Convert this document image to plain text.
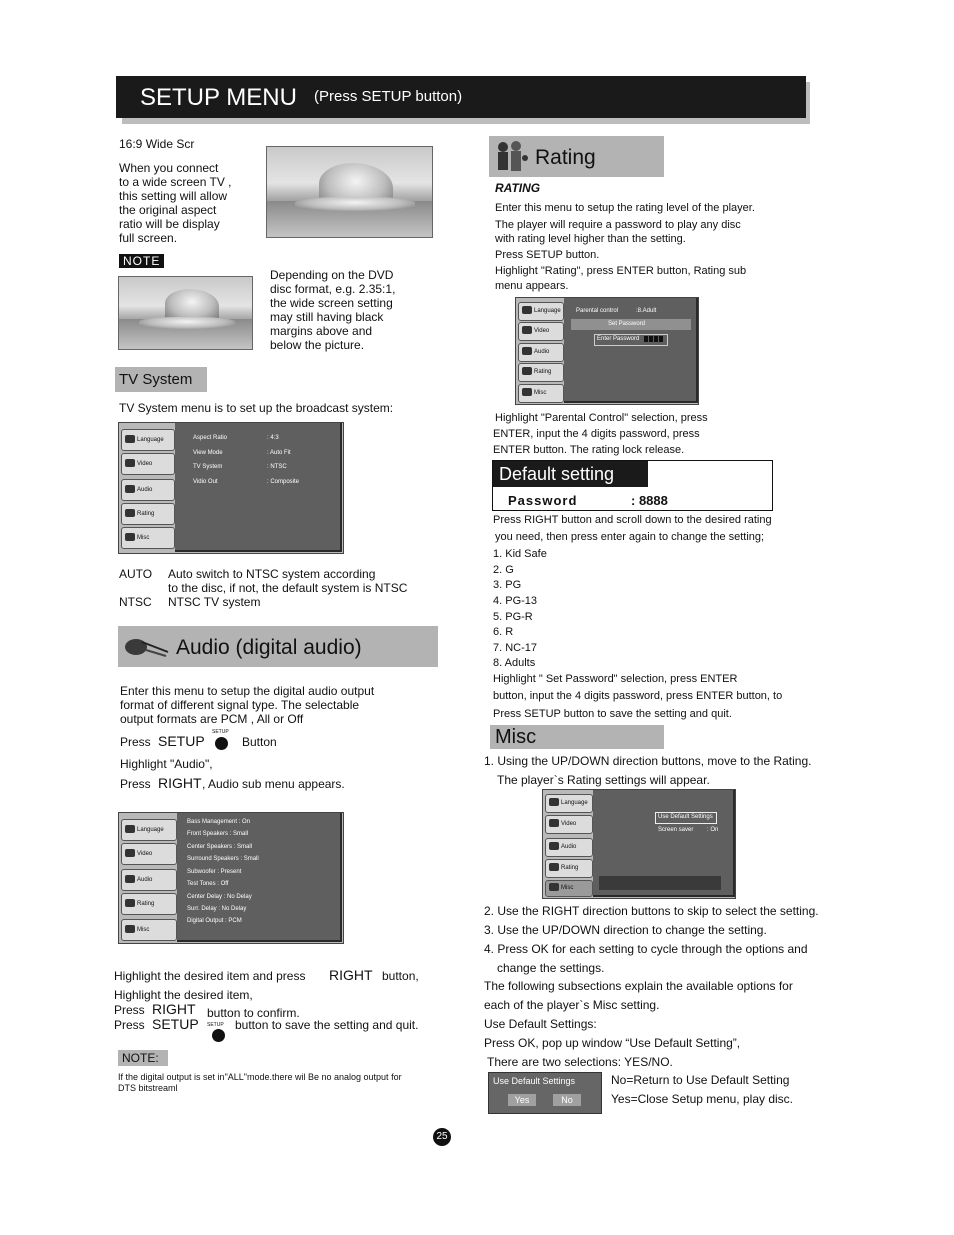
SETUP MENU (Press SETUP button)
16:9 Wide Scr
When you connect
to a wide screen TV ,
this setting will allow
the original aspect
ratio will be display
full screen.
NOTE
Depending on the DVD
disc format, e.g. 2.35:1,
the wide screen setting
may still having black
margins above and
below the picture.
TV System
TV System menu is to set up the broadcast system:
Language
Video
Audio
Rating
Misc
Aspect Ratio	: 4:3
View Mode	: Auto Fit
TV System	: NTSC
Vidio Out	: Composite
AUTO Auto switch to NTSC system according
to the disc, if not, the default system is NTSC
NTSC NTSC TV system
Audio (digital audio)
Enter this menu to setup the digital audio output
format of different signal type. The selectable
output formats are PCM , All or Off
Press SETUP
SETUP
Button
Highlight "Audio",
Press RIGHT , Audio sub menu appears.
Language
Video
Audio
Rating
Misc
Bass Management : On
Front Speakers : Small
Center Speakers : Small
Surround Speakers : Small
Subwoofer : Present
Test Tones : Off
Center Delay : No Delay
Surr. Delay : No Delay
Digital Output : PCM
Highlight the desired item and press RIGHT button,
Highlight the desired item,
Press RIGHT button to confirm.
Press SETUP SETUP button to save the setting and quit.
NOTE:
If the digital output is set in"ALL"mode.there wil Be no analog output for
DTS bitstreaml
Rating
RATING
Enter this menu to setup the rating level of the player.
The player will require a password to play any disc
with rating level higher than the setting.
Press SETUP button.
Highlight "Rating", press ENTER button, Rating sub
menu appears.
Language
Video
Audio
Rating
Misc
Parental control	:8.Adult
Set Password
Enter Password
Highlight "Parental Control" selection, press
ENTER, input the 4 digits password, press
ENTER button. The rating lock release.
Default setting
Password	: 8888
Press RIGHT button and scroll down to the desired rating
you need, then press enter again to change the setting;
1. Kid Safe
2. G
3. PG
4. PG-13
5. PG-R
6. R
7. NC-17
8. Adults
Highlight " Set Password" selection, press ENTER
button, input the 4 digits password, press ENTER button, to
Press SETUP button to save the setting and quit.
Misc
1. Using the UP/DOWN direction buttons, move to the Rating.
The player`s Rating settings will appear.
Language
Video
Audio
Rating
Misc
Use Default Settings
Screen saver : On
2. Use the RIGHT direction buttons to skip to select the setting.
3. Use the UP/DOWN direction to change the setting.
4. Press OK for each setting to cycle through the options and
change the settings.
The following subsections explain the available options for
each of the player`s Misc setting.
Use Default Settings:
Press OK, pop up window “Use Default Setting”,
There are two selections: YES/NO.
Use Default Settings
Yes	No
No=Return to Use Default Setting
Yes=Close Setup menu, play disc.
25
